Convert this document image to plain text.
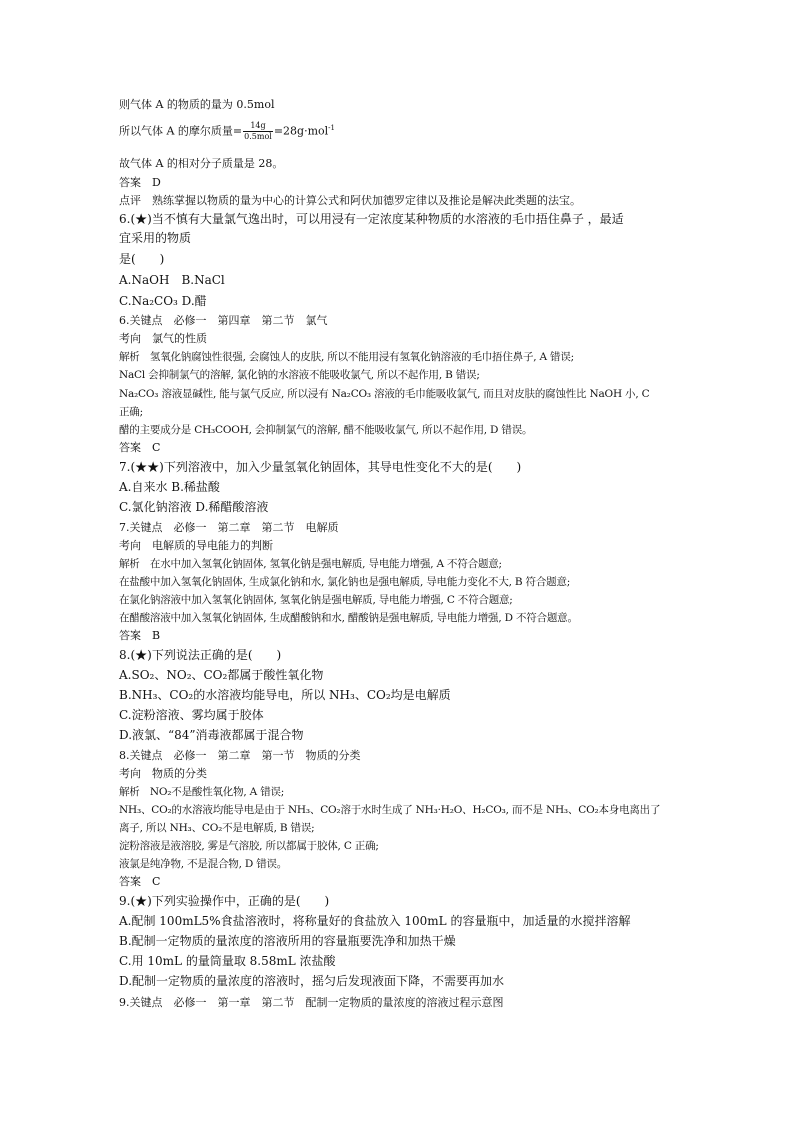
则气体 A 的物质的量为 0.5mol
所以气体 A 的摩尔质量= $\frac{14g}{\text{0.5mol}} =28g\cdot mol^{-1}$
故气体 A 的相对分子质量是 28。
答案　D
点评　熟练掌握以物质的量为中心的计算公式和阿伏加德罗定律以及推论是解决此类题的法宝。
6.(★)当不慎有大量氯气逸出时，可以用浸有一定浓度某种物质的水溶液的毛巾捂住鼻子 ，最适
宜采用的物质
是(　　)
A.NaOH　B.NaCl
C.Na₂CO₃ D.醋
6.关键点　必修一　第四章　第二节　氯气
考向　氯气的性质
解析　氢氧化钠腐蚀性很强, 会腐蚀人的皮肤, 所以不能用浸有氢氧化钠溶液的毛巾捂住鼻子, A 错误;
NaCl 会抑制氯气的溶解, 氯化钠的水溶液不能吸收氯气, 所以不起作用, B 错误;
Na₂CO₃ 溶液显碱性, 能与氯气反应, 所以浸有 Na₂CO₃ 溶液的毛巾能吸收氯气, 而且对皮肤的腐蚀性比 NaOH 小, C
正确;
醋的主要成分是 CH₃COOH, 会抑制氯气的溶解, 醋不能吸收氯气, 所以不起作用, D 错误。
答案　C
7.(★★)下列溶液中，加入少量氢氧化钠固体，其导电性变化不大的是(　　)
A.自来水 B.稀盐酸
C.氯化钠溶液 D.稀醋酸溶液
7.关键点　必修一　第二章　第二节　电解质
考向　电解质的导电能力的判断
解析　在水中加入氢氧化钠固体, 氢氧化钠是强电解质, 导电能力增强, A 不符合题意;
在盐酸中加入氢氧化钠固体, 生成氯化钠和水, 氯化钠也是强电解质, 导电能力变化不大, B 符合题意;
在氯化钠溶液中加入氢氧化钠固体, 氢氧化钠是强电解质, 导电能力增强, C 不符合题意;
在醋酸溶液中加入氢氧化钠固体, 生成醋酸钠和水, 醋酸钠是强电解质, 导电能力增强, D 不符合题意。
答案　B
8.(★)下列说法正确的是(　　)
A.SO₂、NO₂、CO₂都属于酸性氧化物
B.NH₃、CO₂的水溶液均能导电，所以 NH₃、CO₂均是电解质
C.淀粉溶液、雾均属于胶体
D.液氯、“84”消毒液都属于混合物
8.关键点　必修一　第二章　第一节　物质的分类
考向　物质的分类
解析　NO₂不是酸性氧化物, A 错误;
NH₃、CO₂的水溶液均能导电是由于 NH₃、CO₂溶于水时生成了 NH₃·H₂O、H₂CO₃, 而不是 NH₃、CO₂本身电离出了
离子, 所以 NH₃、CO₂不是电解质, B 错误;
淀粉溶液是液溶胶, 雾是气溶胶, 所以都属于胶体, C 正确;
液氯是纯净物, 不是混合物, D 错误。
答案　C
9.(★)下列实验操作中，正确的是(　　)
A.配制 100mL5%食盐溶液时，将称量好的食盐放入 100mL 的容量瓶中，加适量的水搅拌溶解
B.配制一定物质的量浓度的溶液所用的容量瓶要洗净和加热干燥
C.用 10mL 的量筒量取 8.58mL 浓盐酸
D.配制一定物质的量浓度的溶液时，摇匀后发现液面下降，不需要再加水
9.关键点　必修一　第一章　第二节　配制一定物质的量浓度的溶液过程示意图
